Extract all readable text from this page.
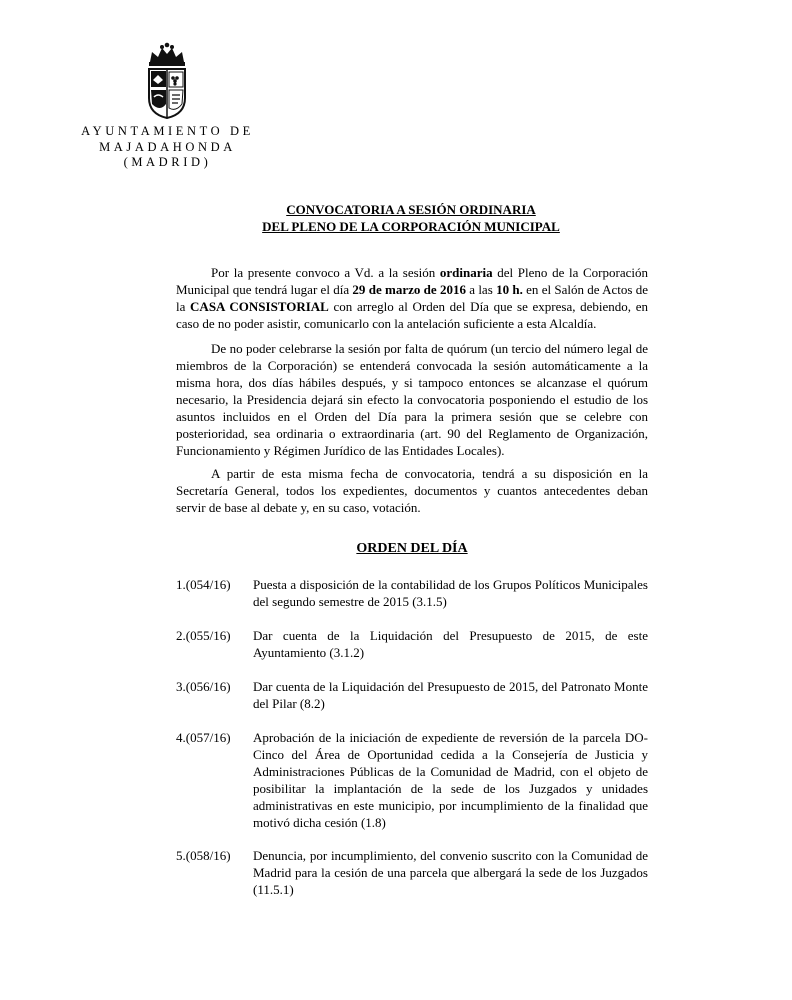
AYUNTAMIENTO DE
MAJADAHONDA
(MADRID)
CONVOCATORIA A SESIÓN ORDINARIA
DEL PLENO DE LA CORPORACIÓN MUNICIPAL

Por la presente convoco a Vd. a la sesión ordinaria del Pleno de la Corporación Municipal que tendrá lugar el día 29 de marzo de 2016 a las 10 h. en el Salón de Actos de la CASA CONSISTORIAL con arreglo al Orden del Día que se expresa, debiendo, en caso de no poder asistir, comunicarlo con la antelación suficiente a esta Alcaldía.

De no poder celebrarse la sesión por falta de quórum (un tercio del número legal de miembros de la Corporación) se entenderá convocada la sesión automáticamente a la misma hora, dos días hábiles después, y si tampoco entonces se alcanzase el quórum necesario, la Presidencia dejará sin efecto la convocatoria posponiendo el estudio de los asuntos incluidos en el Orden del Día para la primera sesión que se celebre con posterioridad, sea ordinaria o extraordinaria (art. 90 del Reglamento de Organización, Funcionamiento y Régimen Jurídico de las Entidades Locales).

A partir de esta misma fecha de convocatoria, tendrá a su disposición en la Secretaría General, todos los expedientes, documentos y cuantos antecedentes deban servir de base al debate y, en su caso, votación.

ORDEN DEL DÍA
1.(054/16)	Puesta a disposición de la contabilidad de los Grupos Políticos Municipales del segundo semestre de 2015 (3.1.5)
2.(055/16)	Dar cuenta de la Liquidación del Presupuesto de 2015, de este Ayuntamiento (3.1.2)
3.(056/16)	Dar cuenta de la Liquidación del Presupuesto de 2015, del Patronato Monte del Pilar (8.2)
4.(057/16)	Aprobación de la iniciación de expediente de reversión de la parcela DO-Cinco del Área de Oportunidad cedida a la Consejería de Justicia y Administraciones Públicas de la Comunidad de Madrid, con el objeto de posibilitar la implantación de la sede de los Juzgados y unidades administrativas en este municipio, por incumplimiento de la finalidad que motivó dicha cesión (1.8)
5.(058/16)	Denuncia, por incumplimiento, del convenio suscrito con la Comunidad de Madrid para la cesión de una parcela que albergará la sede de los Juzgados (11.5.1)
